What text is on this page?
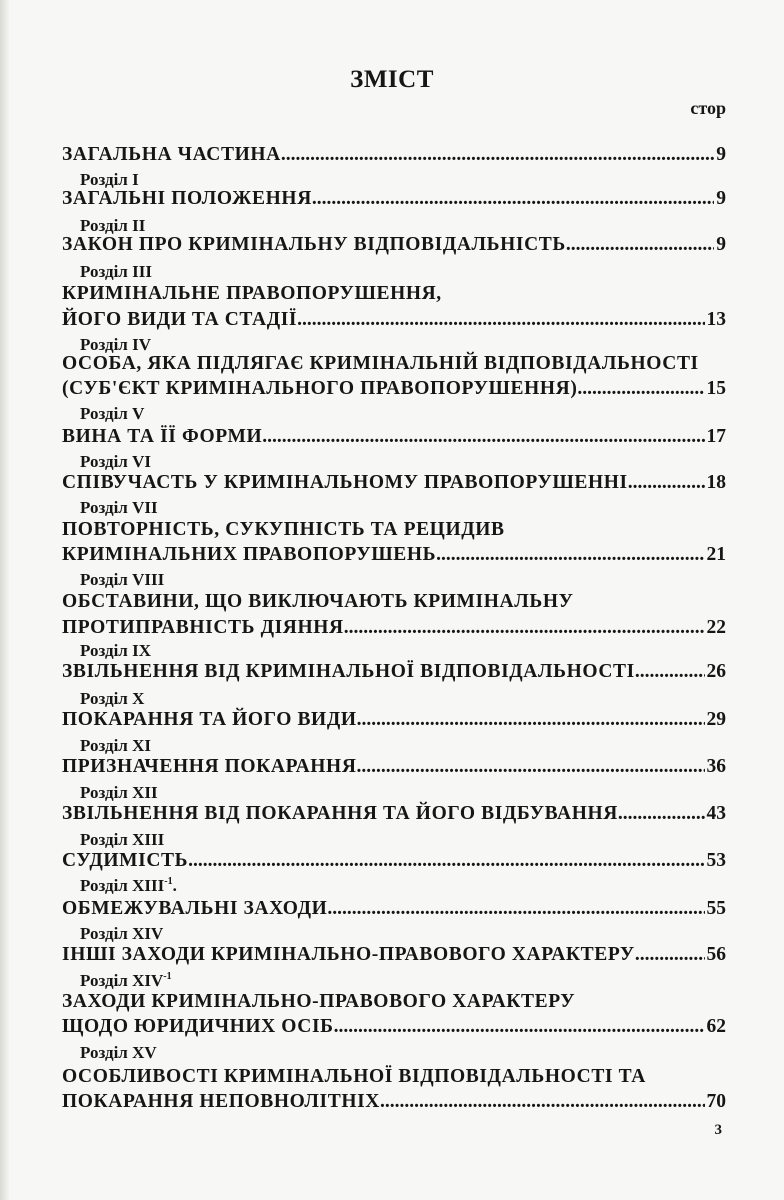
ЗМІСТ
стор
ЗАГАЛЬНА ЧАСТИНА .....	9
Розділ I
ЗАГАЛЬНІ ПОЛОЖЕННЯ .....	9
Розділ II
ЗАКОН ПРО КРИМІНАЛЬНУ ВІДПОВІДАЛЬНІСТЬ .....	9
Розділ III
КРИМІНАЛЬНЕ ПРАВОПОРУШЕННЯ,
ЙОГО ВИДИ ТА СТАДІЇ .....	13
Розділ IV
ОСОБА, ЯКА ПІДЛЯГАЄ КРИМІНАЛЬНІЙ ВІДПОВІДАЛЬНОСТІ
(СУБ'ЄКТ КРИМІНАЛЬНОГО ПРАВОПОРУШЕННЯ) .....	15
Розділ V
ВИНА ТА ЇЇ ФОРМИ .....	17
Розділ VI
СПІВУЧАСТЬ У КРИМІНАЛЬНОМУ ПРАВОПОРУШЕННІ .....	18
Розділ VII
ПОВТОРНІСТЬ, СУКУПНІСТЬ ТА РЕЦИДИВ
КРИМІНАЛЬНИХ ПРАВОПОРУШЕНЬ .....	21
Розділ VIII
ОБСТАВИНИ, ЩО ВИКЛЮЧАЮТЬ КРИМІНАЛЬНУ
ПРОТИПРАВНІСТЬ ДІЯННЯ .....	22
Розділ IX
ЗВІЛЬНЕННЯ ВІД КРИМІНАЛЬНОЇ ВІДПОВІДАЛЬНОСТІ .....	26
Розділ X
ПОКАРАННЯ ТА ЙОГО ВИДИ .....	29
Розділ XI
ПРИЗНАЧЕННЯ ПОКАРАННЯ .....	36
Розділ XII
ЗВІЛЬНЕННЯ ВІД ПОКАРАННЯ ТА ЙОГО ВІДБУВАННЯ .....	43
Розділ XIII
СУДИМІСТЬ .....	53
Розділ $XIII^{-1}$.
ОБМЕЖУВАЛЬНІ ЗАХОДИ .....	55
Розділ XIV
ІНШІ ЗАХОДИ КРИМІНАЛЬНО-ПРАВОВОГО ХАРАКТЕРУ .....	56
Розділ $XIV^{-1}$
ЗАХОДИ КРИМІНАЛЬНО-ПРАВОВОГО ХАРАКТЕРУ
ЩОДО ЮРИДИЧНИХ ОСІБ .....	62
Розділ XV
ОСОБЛИВОСТІ КРИМІНАЛЬНОЇ ВІДПОВІДАЛЬНОСТІ ТА
ПОКАРАННЯ НЕПОВНОЛІТНІХ .....	70
3
